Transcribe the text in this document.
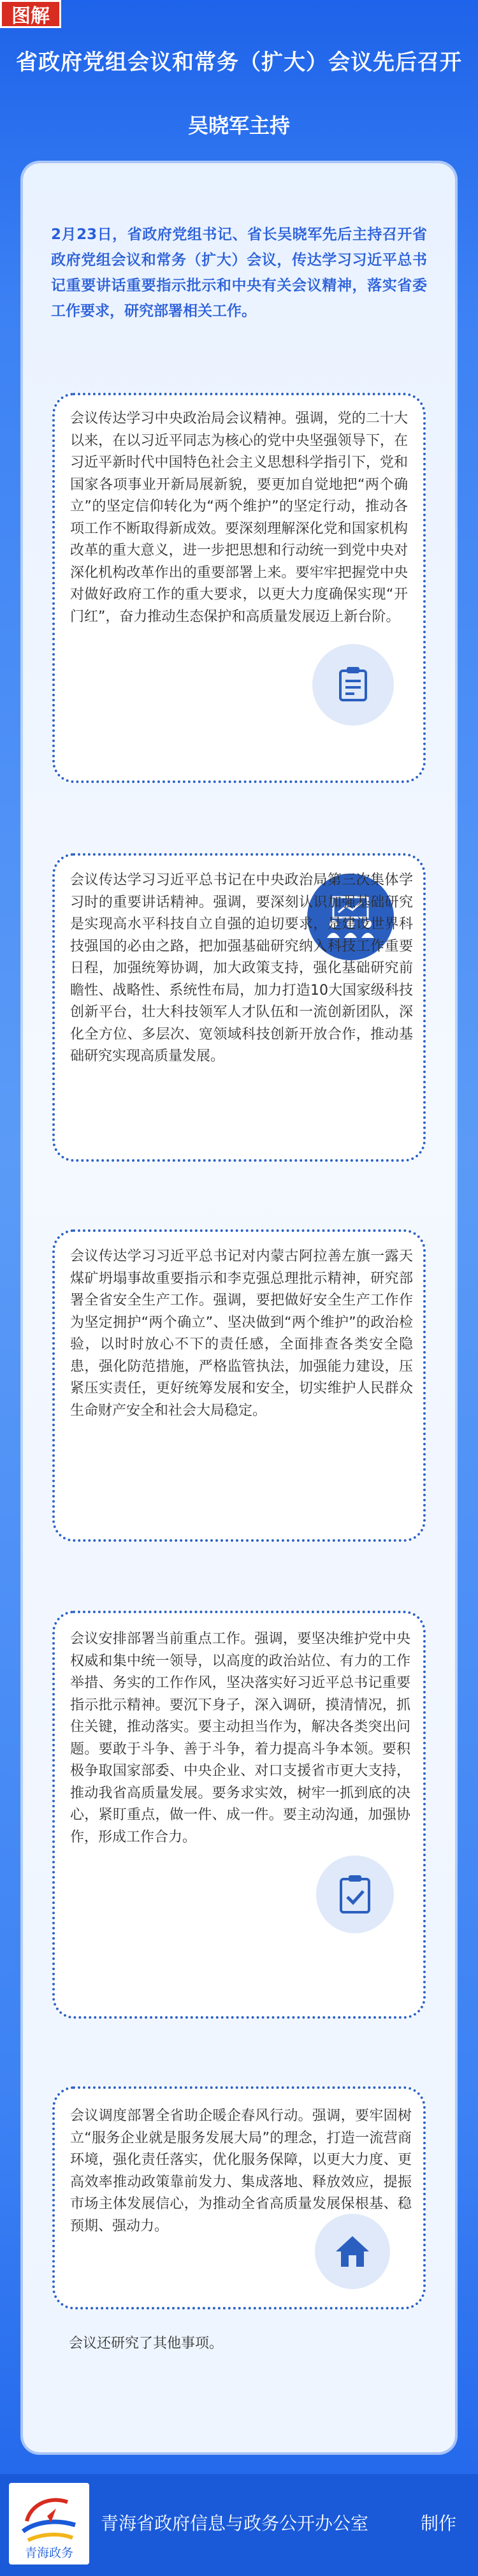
图解
省政府党组会议和常务（扩大）会议先后召开
吴晓军主持
2月23日，省政府党组书记、省长吴晓军先后主持召开省政府党组会议和常务（扩大）会议，传达学习习近平总书记重要讲话重要指示批示和中央有关会议精神，落实省委工作要求，研究部署相关工作。
会议传达学习中央政治局会议精神。强调，党的二十大以来，在以习近平同志为核心的党中央坚强领导下，在习近平新时代中国特色社会主义思想科学指引下，党和国家各项事业开新局展新貌，要更加自觉地把“两个确立”的坚定信仰转化为“两个维护”的坚定行动，推动各项工作不断取得新成效。要深刻理解深化党和国家机构改革的重大意义，进一步把思想和行动统一到党中央对深化机构改革作出的重要部署上来。要牢牢把握党中央对做好政府工作的重大要求，以更大力度确保实现“开门红”，奋力推动生态保护和高质量发展迈上新台阶。
会议传达学习习近平总书记在中央政治局第三次集体学习时的重要讲话精神。强调，要深刻认识加强基础研究是实现高水平科技自立自强的迫切要求，是建设世界科技强国的必由之路，把加强基础研究纳入科技工作重要日程，加强统筹协调，加大政策支持，强化基础研究前瞻性、战略性、系统性布局，加力打造10大国家级科技创新平台，壮大科技领军人才队伍和一流创新团队，深化全方位、多层次、宽领域科技创新开放合作，推动基础研究实现高质量发展。
会议传达学习习近平总书记对内蒙古阿拉善左旗一露天煤矿坍塌事故重要指示和李克强总理批示精神，研究部署全省安全生产工作。强调，要把做好安全生产工作作为坚定拥护“两个确立”、坚决做到“两个维护”的政治检验，以时时放心不下的责任感，全面排查各类安全隐患，强化防范措施，严格监管执法，加强能力建设，压紧压实责任，更好统筹发展和安全，切实维护人民群众生命财产安全和社会大局稳定。
会议安排部署当前重点工作。强调，要坚决维护党中央权威和集中统一领导，以高度的政治站位、有力的工作举措、务实的工作作风，坚决落实好习近平总书记重要指示批示精神。要沉下身子，深入调研，摸清情况，抓住关键，推动落实。要主动担当作为，解决各类突出问题。要敢于斗争、善于斗争，着力提高斗争本领。要积极争取国家部委、中央企业、对口支援省市更大支持，推动我省高质量发展。要务求实效，树牢一抓到底的决心，紧盯重点，做一件、成一件。要主动沟通，加强协作，形成工作合力。
会议调度部署全省助企暖企春风行动。强调，要牢固树立“服务企业就是服务发展大局”的理念，打造一流营商环境，强化责任落实，优化服务保障，以更大力度、更高效率推动政策靠前发力、集成落地、释放效应，提振市场主体发展信心，为推动全省高质量发展保根基、稳预期、强动力。
会议还研究了其他事项。
青海政务
青海省政府信息与政务公开办公室	制作
